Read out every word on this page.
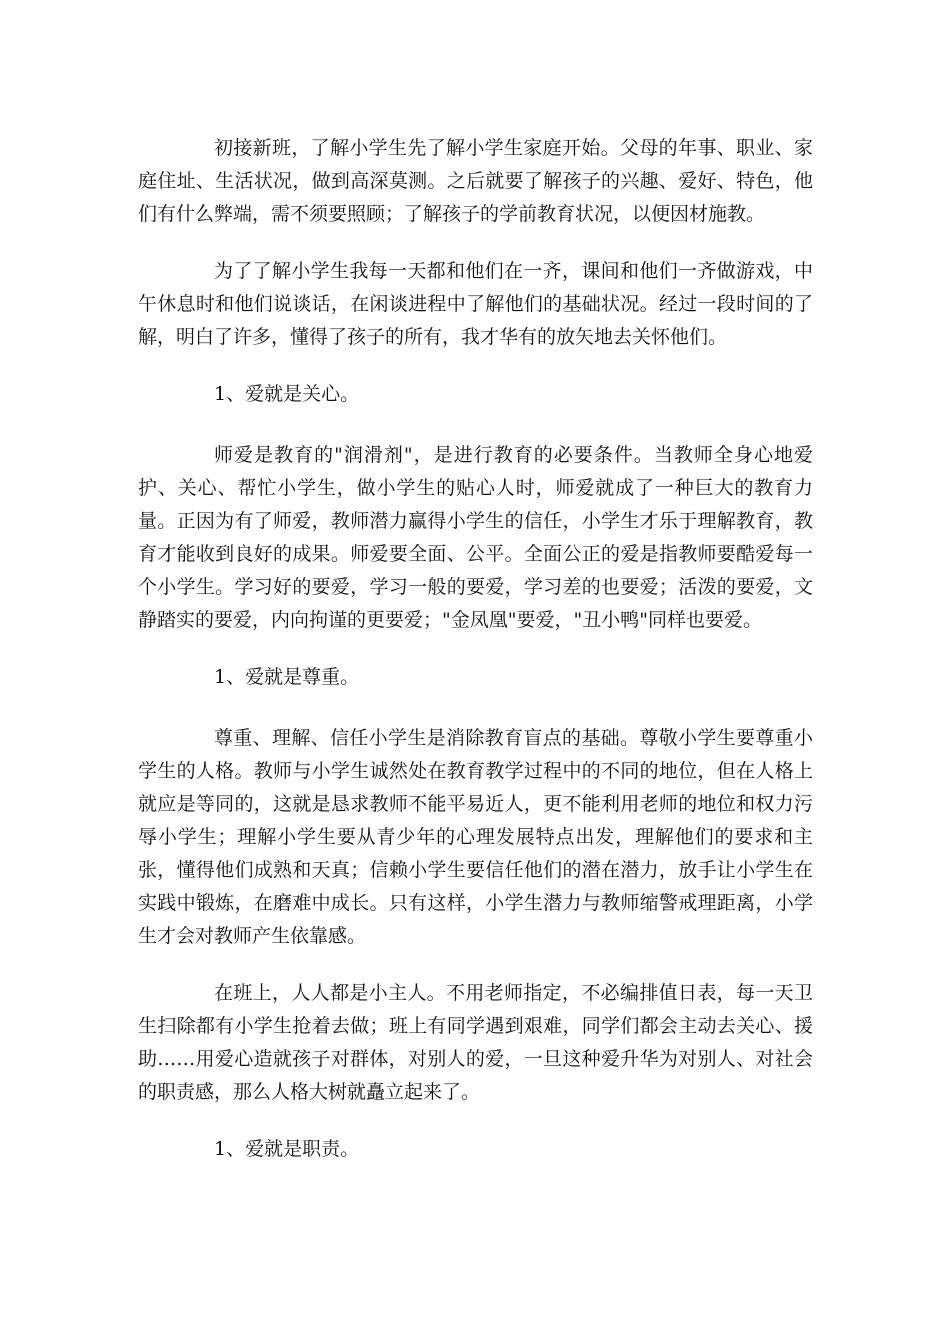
初接新班，了解小学生先了解小学生家庭开始。父母的年事、职业、家庭住址、生活状况，做到高深莫测。之后就要了解孩子的兴趣、爱好、特色，他们有什么弊端，需不须要照顾；了解孩子的学前教育状况，以便因材施教。

为了了解小学生我每一天都和他们在一齐，课间和他们一齐做游戏，中午休息时和他们说谈话，在闲谈进程中了解他们的基础状况。经过一段时间的了解，明白了许多，懂得了孩子的所有，我才华有的放矢地去关怀他们。

1、爱就是关心。

师爱是教育的"润滑剂"，是进行教育的必要条件。当教师全身心地爱护、关心、帮忙小学生，做小学生的贴心人时，师爱就成了一种巨大的教育力量。正因为有了师爱，教师潜力赢得小学生的信任，小学生才乐于理解教育，教育才能收到良好的成果。师爱要全面、公平。全面公正的爱是指教师要酷爱每一个小学生。学习好的要爱，学习一般的要爱，学习差的也要爱；活泼的要爱，文静踏实的要爱，内向拘谨的更要爱；"金凤凰"要爱，"丑小鸭"同样也要爱。

1、爱就是尊重。

尊重、理解、信任小学生是消除教育盲点的基础。尊敬小学生要尊重小学生的人格。教师与小学生诚然处在教育教学过程中的不同的地位，但在人格上就应是等同的，这就是恳求教师不能平易近人，更不能利用老师的地位和权力污辱小学生；理解小学生要从青少年的心理发展特点出发，理解他们的要求和主张，懂得他们成熟和天真；信赖小学生要信任他们的潜在潜力，放手让小学生在实践中锻炼，在磨难中成长。只有这样，小学生潜力与教师缩警戒理距离，小学生才会对教师产生依靠感。

在班上，人人都是小主人。不用老师指定，不必编排值日表，每一天卫生扫除都有小学生抢着去做；班上有同学遇到艰难，同学们都会主动去关心、援助……用爱心造就孩子对群体，对别人的爱，一旦这种爱升华为对别人、对社会的职责感，那么人格大树就矗立起来了。

1、爱就是职责。
